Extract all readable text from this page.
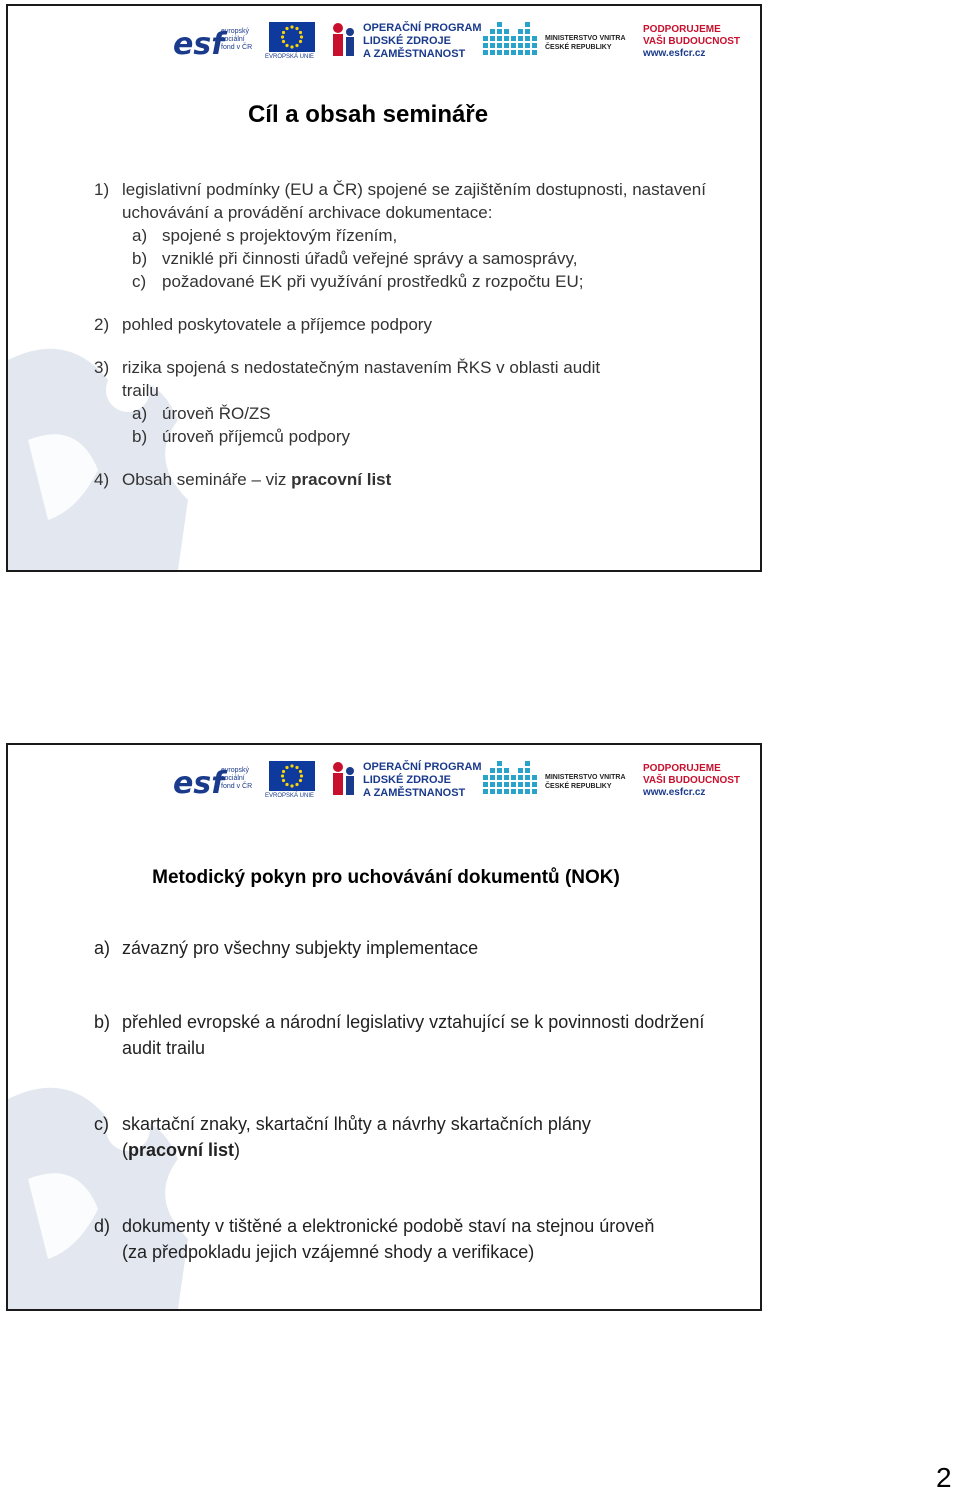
esf
evropský
sociální
fond v ČR
EVROPSKÁ UNIE
OPERAČNÍ PROGRAM
LIDSKÉ ZDROJE
A ZAMĚSTNANOST
MINISTERSTVO VNITRA
ČESKÉ REPUBLIKY
PODPORUJEME
VAŠI BUDOUCNOST
www.esfcr.cz
Cíl a obsah semináře
1) legislativní podmínky (EU a ČR) spojené se zajištěním dostupnosti, nastavení uchovávání a provádění archivace dokumentace:
a) spojené s projektovým řízením,
b) vzniklé při činnosti úřadů veřejné správy a samosprávy,
c) požadované EK při využívání prostředků z rozpočtu EU;
2) pohled poskytovatele a příjemce podpory
3) rizika spojená s nedostatečným nastavením ŘKS v oblasti audit trailu
a) úroveň ŘO/ZS
b) úroveň příjemců podpory
4) Obsah semináře – viz pracovní list
esf
evropský
sociální
fond v ČR
EVROPSKÁ UNIE
OPERAČNÍ PROGRAM
LIDSKÉ ZDROJE
A ZAMĚSTNANOST
MINISTERSTVO VNITRA
ČESKÉ REPUBLIKY
PODPORUJEME
VAŠI BUDOUCNOST
www.esfcr.cz
Metodický pokyn pro uchovávání dokumentů (NOK)
a) závazný pro všechny subjekty implementace
b) přehled evropské a národní legislativy vztahující se k povinnosti dodržení audit trailu
c) skartační znaky, skartační lhůty a návrhy skartačních plány (pracovní list)
d) dokumenty v tištěné a elektronické podobě staví na stejnou úroveň (za předpokladu jejich vzájemné shody a verifikace)
2
